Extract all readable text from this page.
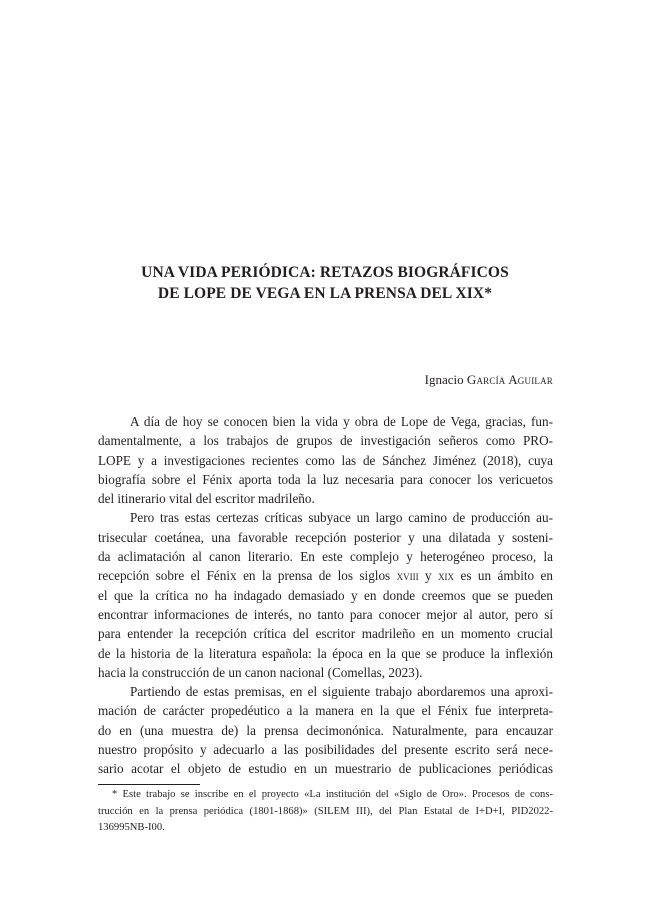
UNA VIDA PERIÓDICA: RETAZOS BIOGRÁFICOS
DE LOPE DE VEGA EN LA PRENSA DEL XIX*
Ignacio García Aguilar
A día de hoy se conocen bien la vida y obra de Lope de Vega, gracias, fun-
damentalmente, a los trabajos de grupos de investigación señeros como PRO-
LOPE y a investigaciones recientes como las de Sánchez Jiménez (2018), cuya
biografía sobre el Fénix aporta toda la luz necesaria para conocer los vericuetos
del itinerario vital del escritor madrileño.
Pero tras estas certezas críticas subyace un largo camino de producción au-
trisecular coetánea, una favorable recepción posterior y una dilatada y sosteni-
da aclimatación al canon literario. En este complejo y heterogéneo proceso, la
recepción sobre el Fénix en la prensa de los siglos xviii y xix es un ámbito en
el que la crítica no ha indagado demasiado y en donde creemos que se pueden
encontrar informaciones de interés, no tanto para conocer mejor al autor, pero sí
para entender la recepción crítica del escritor madrileño en un momento crucial
de la historia de la literatura española: la época en la que se produce la inflexión
hacia la construcción de un canon nacional (Comellas, 2023).
Partiendo de estas premisas, en el siguiente trabajo abordaremos una aproxi-
mación de carácter propedéutico a la manera en la que el Fénix fue interpreta-
do en (una muestra de) la prensa decimonónica. Naturalmente, para encauzar
nuestro propósito y adecuarlo a las posibilidades del presente escrito será nece-
sario acotar el objeto de estudio en un muestrario de publicaciones periódicas
* Este trabajo se inscribe en el proyecto «La institución del «Siglo de Oro». Procesos de cons-
trucción en la prensa periódica (1801-1868)» (SILEM III), del Plan Estatal de I+D+I, PID2022-
136995NB-I00.
